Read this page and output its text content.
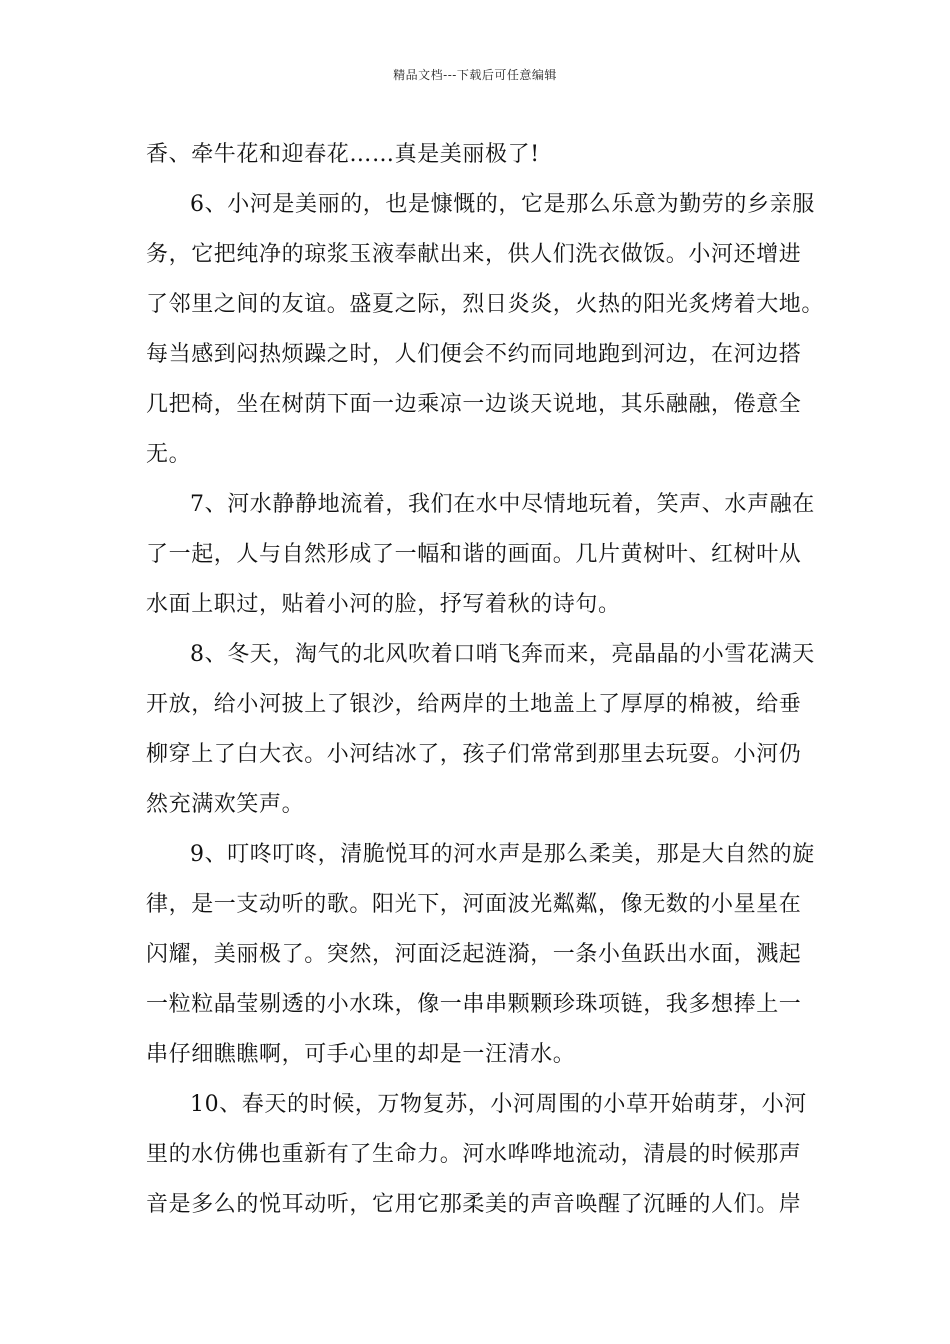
精品文档---下载后可任意编辑
香、牵牛花和迎春花……真是美丽极了!
6、小河是美丽的，也是慷慨的，它是那么乐意为勤劳的乡亲服
务，它把纯净的琼浆玉液奉献出来，供人们洗衣做饭。小河还增进
了邻里之间的友谊。盛夏之际，烈日炎炎，火热的阳光炙烤着大地。
每当感到闷热烦躁之时，人们便会不约而同地跑到河边，在河边搭
几把椅，坐在树荫下面一边乘凉一边谈天说地，其乐融融，倦意全
无。
7、河水静静地流着，我们在水中尽情地玩着，笑声、水声融在
了一起，人与自然形成了一幅和谐的画面。几片黄树叶、红树叶从
水面上职过，贴着小河的脸，抒写着秋的诗句。
8、冬天，淘气的北风吹着口哨飞奔而来，亮晶晶的小雪花满天
开放，给小河披上了银沙，给两岸的土地盖上了厚厚的棉被，给垂
柳穿上了白大衣。小河结冰了，孩子们常常到那里去玩耍。小河仍
然充满欢笑声。
9、叮咚叮咚，清脆悦耳的河水声是那么柔美，那是大自然的旋
律，是一支动听的歌。阳光下，河面波光粼粼，像无数的小星星在
闪耀，美丽极了。突然，河面泛起涟漪，一条小鱼跃出水面，溅起
一粒粒晶莹剔透的小水珠，像一串串颗颗珍珠项链，我多想捧上一
串仔细瞧瞧啊，可手心里的却是一汪清水。
10、春天的时候，万物复苏，小河周围的小草开始萌芽，小河
里的水仿佛也重新有了生命力。河水哗哗地流动，清晨的时候那声
音是多么的悦耳动听，它用它那柔美的声音唤醒了沉睡的人们。岸
